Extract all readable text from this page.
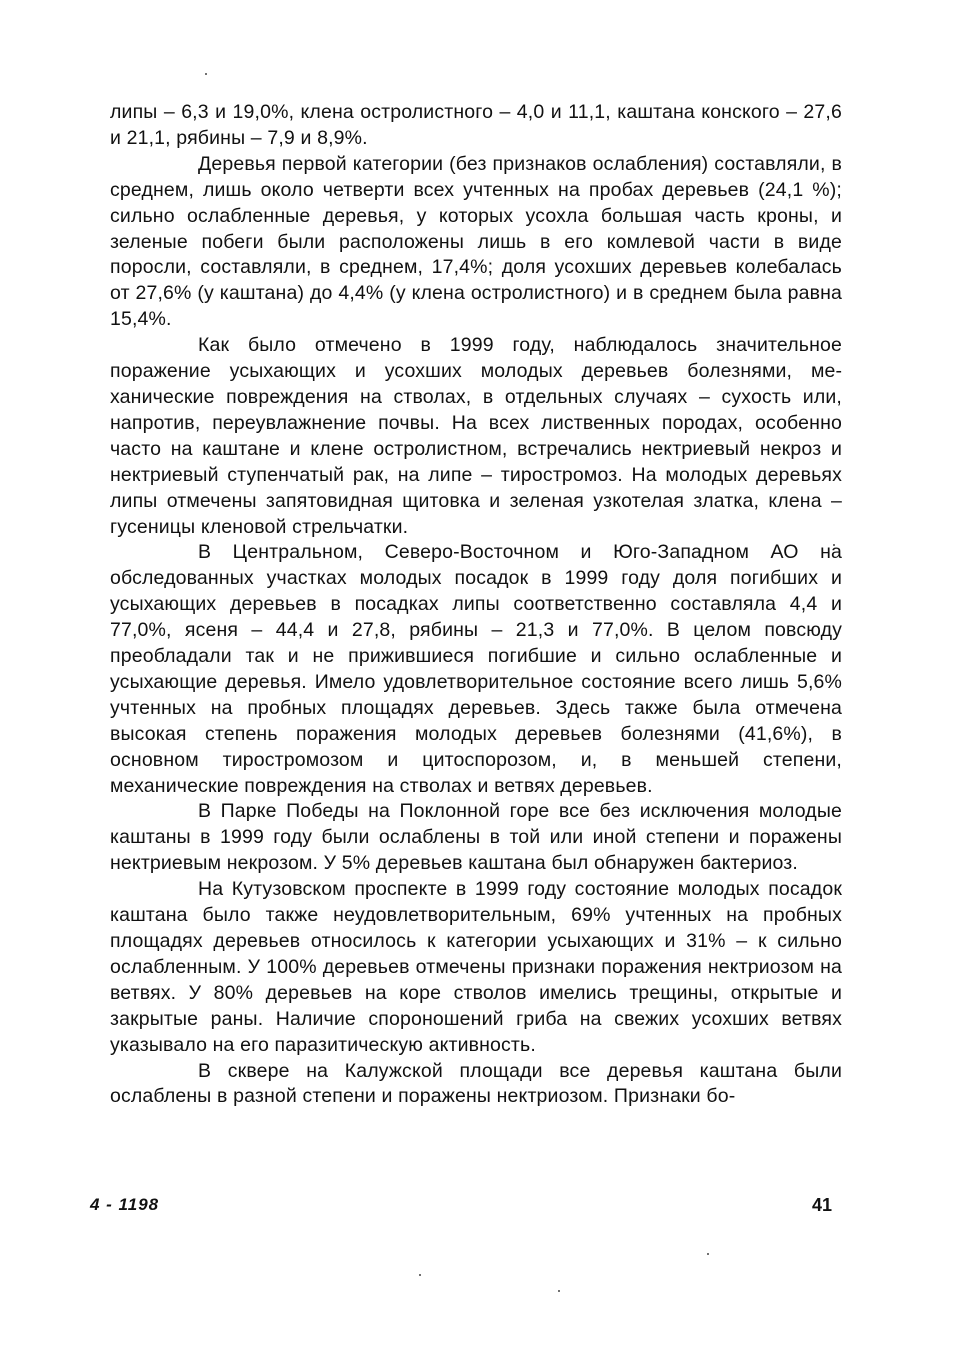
липы – 6,3 и 19,0%, клена остролистного – 4,0 и 11,1, каштана конского – 27,6 и 21,1, рябины – 7,9 и 8,9%.

Деревья первой категории (без признаков ослабления) составляли, в среднем, лишь около четверти всех учтенных на пробах деревьев (24,1 %); сильно ослабленные деревья, у которых усохла большая часть кроны, и зеленые побеги были расположены лишь в его комлевой части в виде поросли, составляли, в среднем, 17,4%; доля усохших деревьев колебалась от 27,6% (у каштана) до 4,4% (у клена остролистного) и в среднем была равна 15,4%.

Как было отмечено в 1999 году, наблюдалось значительное поражение усыхающих и усохших молодых деревьев болезнями, механические повреждения на стволах, в отдельных случаях – сухость или, напротив, переувлажнение почвы. На всех лиственных породах, особенно часто на каштане и клене остролистном, встречались нектриевый некроз и нектриевый ступенчатый рак, на липе – тиростромоз. На молодых деревьях липы отмечены запятовидная щитовка и зеленая узкотелая златка, клена – гусеницы кленовой стрельчатки.

В Центральном, Северо-Восточном и Юго-Западном АО на обследованных участках молодых посадок в 1999 году доля погибших и усыхающих деревьев в посадках липы соответственно составляла 4,4 и 77,0%, ясеня – 44,4 и 27,8, рябины – 21,3 и 77,0%. В целом повсюду преобладали так и не прижившиеся погибшие и сильно ослабленные и усыхающие деревья. Имело удовлетворительное состояние всего лишь 5,6% учтенных на пробных площадях деревьев. Здесь также была отмечена высокая степень поражения молодых деревьев болезнями (41,6%), в основном тиростромозом и цитоспорозом, и, в меньшей степени, механические повреждения на стволах и ветвях деревьев.

В Парке Победы на Поклонной горе все без исключения молодые каштаны в 1999 году были ослаблены в той или иной степени и поражены нектриевым некрозом. У 5% деревьев каштана был обнаружен бактериоз.

На Кутузовском проспекте в 1999 году состояние молодых посадок каштана было также неудовлетворительным, 69% учтенных на пробных площадях деревьев относилось к категории усыхающих и 31% – к сильно ослабленным. У 100% деревьев отмечены признаки поражения нектриозом на ветвях. У 80% деревьев на коре стволов имелись трещины, открытые и закрытые раны. Наличие спороношений гриба на свежих усохших ветвях указывало на его паразитическую активность.

В сквере на Калужской площади все деревья каштана были ослаблены в разной степени и поражены нектриозом. Признаки бо-

4 - 1198	41
